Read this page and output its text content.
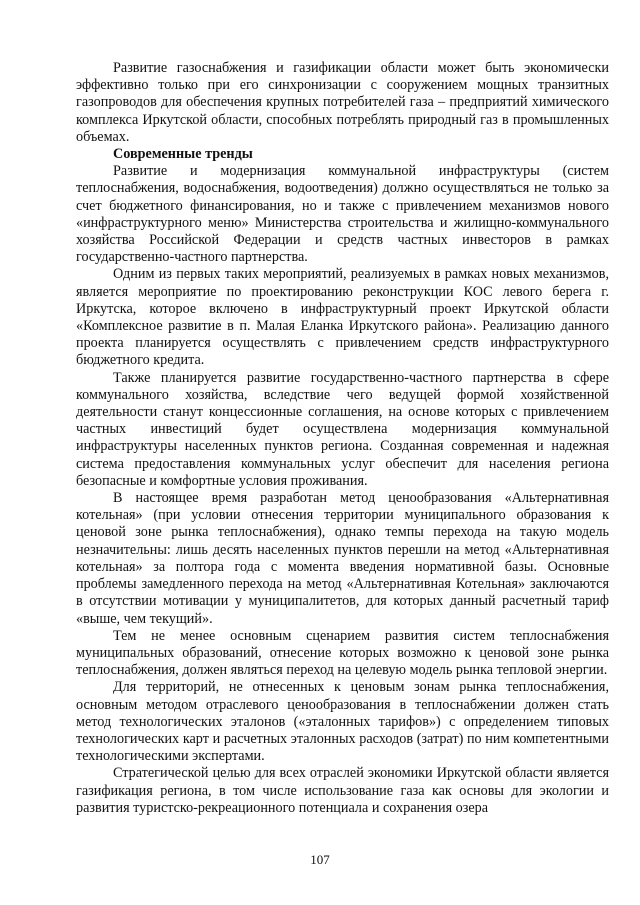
Развитие газоснабжения и газификации области может быть экономически эффективно только при его синхронизации с сооружением мощных транзитных газопроводов для обеспечения крупных потребителей газа – предприятий химического комплекса Иркутской области, способных потреблять природный газ в промышленных объемах.

Современные тренды

Развитие и модернизация коммунальной инфраструктуры (систем теплоснабжения, водоснабжения, водоотведения) должно осуществляться не только за счет бюджетного финансирования, но и также с привлечением механизмов нового «инфраструктурного меню» Министерства строительства и жилищно-коммунального хозяйства Российской Федерации и средств частных инвесторов в рамках государственно-частного партнерства.

Одним из первых таких мероприятий, реализуемых в рамках новых механизмов, является мероприятие по проектированию реконструкции КОС левого берега г. Иркутска, которое включено в инфраструктурный проект Иркутской области «Комплексное развитие в п. Малая Еланка Иркутского района». Реализацию данного проекта планируется осуществлять с привлечением средств инфраструктурного бюджетного кредита.

Также планируется развитие государственно-частного партнерства в сфере коммунального хозяйства, вследствие чего ведущей формой хозяйственной деятельности станут концессионные соглашения, на основе которых с привлечением частных инвестиций будет осуществлена модернизация коммунальной инфраструктуры населенных пунктов региона. Созданная современная и надежная система предоставления коммунальных услуг обеспечит для населения региона безопасные и комфортные условия проживания.

В настоящее время разработан метод ценообразования «Альтернативная котельная» (при условии отнесения территории муниципального образования к ценовой зоне рынка теплоснабжения), однако темпы перехода на такую модель незначительны: лишь десять населенных пунктов перешли на метод «Альтернативная котельная» за полтора года с момента введения нормативной базы. Основные проблемы замедленного перехода на метод «Альтернативная Котельная» заключаются в отсутствии мотивации у муниципалитетов, для которых данный расчетный тариф «выше, чем текущий».

Тем не менее основным сценарием развития систем теплоснабжения муниципальных образований, отнесение которых возможно к ценовой зоне рынка теплоснабжения, должен являться переход на целевую модель рынка тепловой энергии.

Для территорий, не отнесенных к ценовым зонам рынка теплоснабжения, основным методом отраслевого ценообразования в теплоснабжении должен стать метод технологических эталонов («эталонных тарифов») с определением типовых технологических карт и расчетных эталонных расходов (затрат) по ним компетентными технологическими экспертами.

Стратегической целью для всех отраслей экономики Иркутской области является газификация региона, в том числе использование газа как основы для экологии и развития туристско-рекреационного потенциала и сохранения озера

107
